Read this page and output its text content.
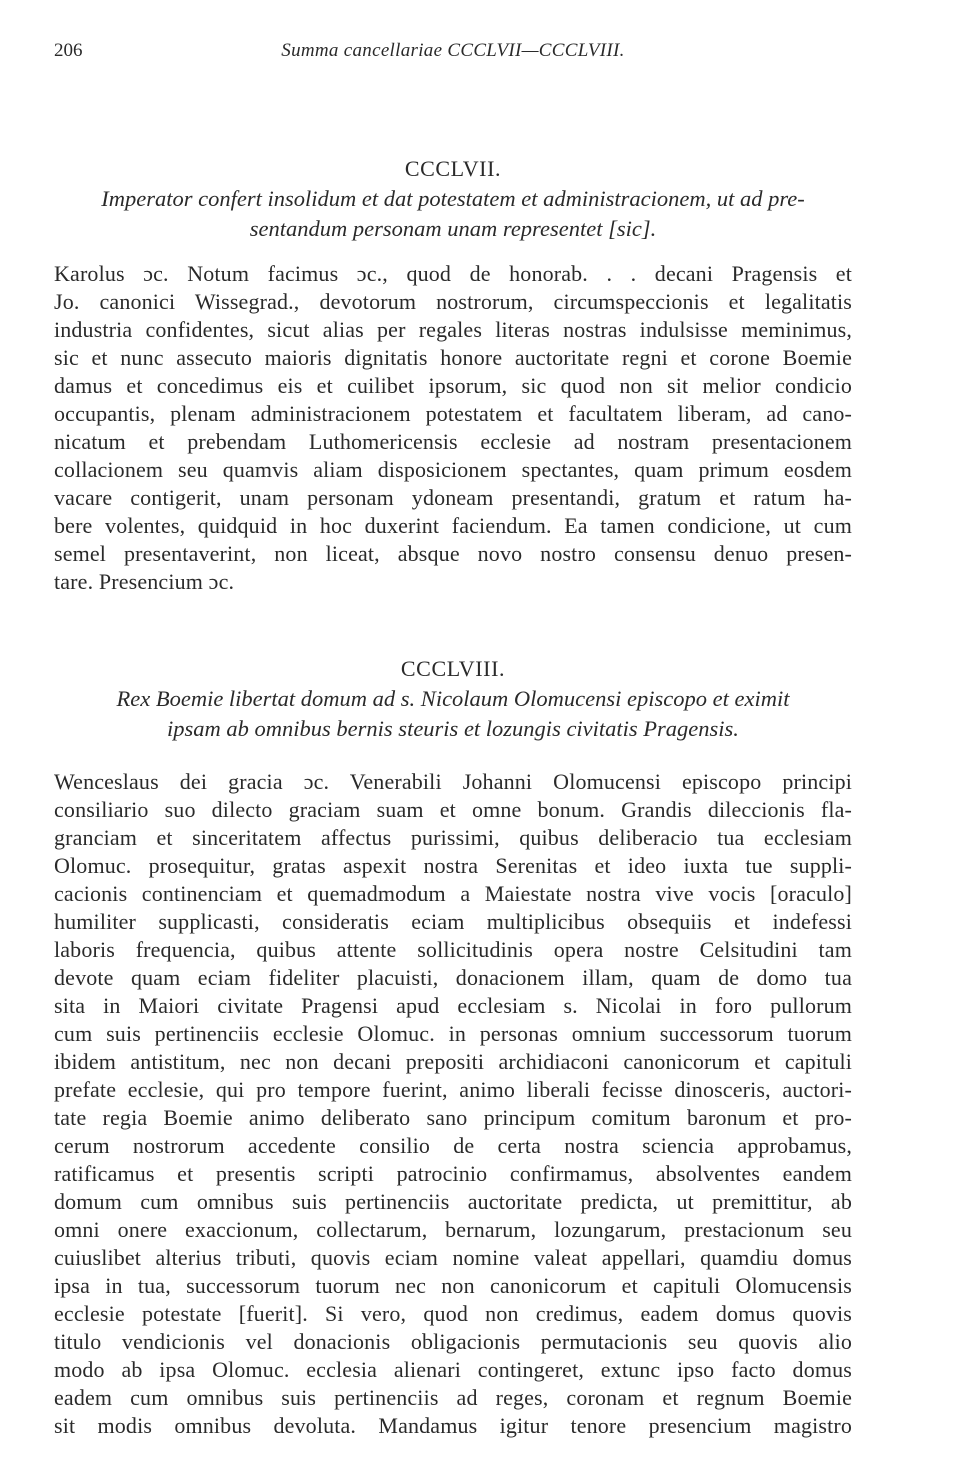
206	Summa cancellariae CCCLVII—CCCLVIII.
CCCLVII.

Imperator confert insolidum et dat potestatem et administracionem, ut ad pre-

sentandum personam unam representet [sic].

Karolus ɔc. Notum facimus ɔc., quod de honorab. . . decani Pragensis et
Jo. canonici Wissegrad., devotorum nostrorum, circumspeccionis et legalitatis
industria confidentes, sicut alias per regales literas nostras indulsisse meminimus,
sic et nunc assecuto maioris dignitatis honore auctoritate regni et corone Boemie
damus et concedimus eis et cuilibet ipsorum, sic quod non sit melior condicio
occupantis, plenam administracionem potestatem et facultatem liberam, ad cano-
nicatum et prebendam Luthomericensis ecclesie ad nostram presentacionem
collacionem seu quamvis aliam disposicionem spectantes, quam primum eosdem
vacare contigerit, unam personam ydoneam presentandi, gratum et ratum ha-
bere volentes, quidquid in hoc duxerint faciendum. Ea tamen condicione, ut cum
semel presentaverint, non liceat, absque novo nostro consensu denuo presen-
tare. Presencium ɔc.
CCCLVIII.

Rex Boemie libertat domum ad s. Nicolaum Olomucensi episcopo et eximit

ipsam ab omnibus bernis steuris et lozungis civitatis Pragensis.

Wenceslaus dei gracia ɔc. Venerabili Johanni Olomucensi episcopo principi
consiliario suo dilecto graciam suam et omne bonum. Grandis dileccionis fla-
granciam et sinceritatem affectus purissimi, quibus deliberacio tua ecclesiam
Olomuc. prosequitur, gratas aspexit nostra Serenitas et ideo iuxta tue suppli-
cacionis continenciam et quemadmodum a Maiestate nostra vive vocis [oraculo]
humiliter supplicasti, consideratis eciam multiplicibus obsequiis et indefessi
laboris frequencia, quibus attente sollicitudinis opera nostre Celsitudini tam
devote quam eciam fideliter placuisti, donacionem illam, quam de domo tua
sita in Maiori civitate Pragensi apud ecclesiam s. Nicolai in foro pullorum
cum suis pertinenciis ecclesie Olomuc. in personas omnium successorum tuorum
ibidem antistitum, nec non decani prepositi archidiaconi canonicorum et capituli
prefate ecclesie, qui pro tempore fuerint, animo liberali fecisse dinosceris, auctori-
tate regia Boemie animo deliberato sano principum comitum baronum et pro-
cerum nostrorum accedente consilio de certa nostra sciencia approbamus,
ratificamus et presentis scripti patrocinio confirmamus, absolventes eandem
domum cum omnibus suis pertinenciis auctoritate predicta, ut premittitur, ab
omni onere exaccionum, collectarum, bernarum, lozungarum, prestacionum seu
cuiuslibet alterius tributi, quovis eciam nomine valeat appellari, quamdiu domus
ipsa in tua, successorum tuorum nec non canonicorum et capituli Olomucensis
ecclesie potestate [fuerit]. Si vero, quod non credimus, eadem domus quovis
titulo vendicionis vel donacionis obligacionis permutacionis seu quovis alio
modo ab ipsa Olomuc. ecclesia alienari contingeret, extunc ipso facto domus
eadem cum omnibus suis pertinenciis ad reges, coronam et regnum Boemie
sit modis omnibus devoluta. Mandamus igitur tenore presencium magistro
